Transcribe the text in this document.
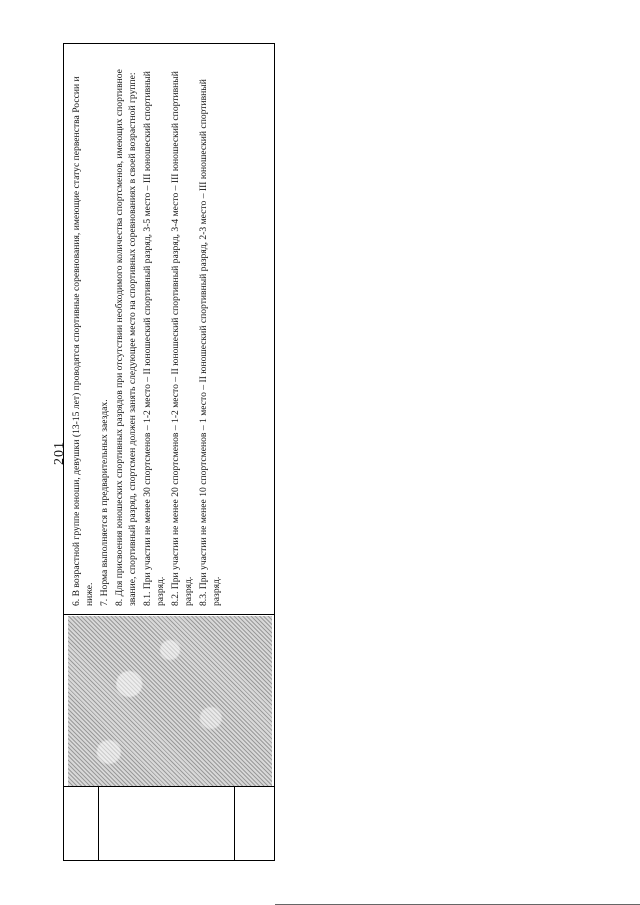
201 6. В возрастной группе юноши, девушки (13-15 лет) проводятся спортивные соревнования, имеющие статус первенства России и ниже. 7. Норма выполняется в предварительных заездах. 8. Для присвоения юношеских спортивных разрядов при отсутствии необходимого количества спортсменов, имеющих спортивное звание, спортивный разряд, спортсмен должен занять следующее место на спортивных соревнованиях в своей возрастной группе: 8.1. При участии не менее 30 спортсменов – 1-2 место – II юношеский спортивный разряд, 3-5 место – III юношеский спортивный разряд. 8.2. При участии не менее 20 спортсменов – 1-2 место – II юношеский спортивный разряд, 3-4 место – III юношеский спортивный разряд. 8.3. При участии не менее 10 спортсменов – 1 место – II юношеский спортивный разряд, 2-3 место – III юношеский спортивный разряд.
